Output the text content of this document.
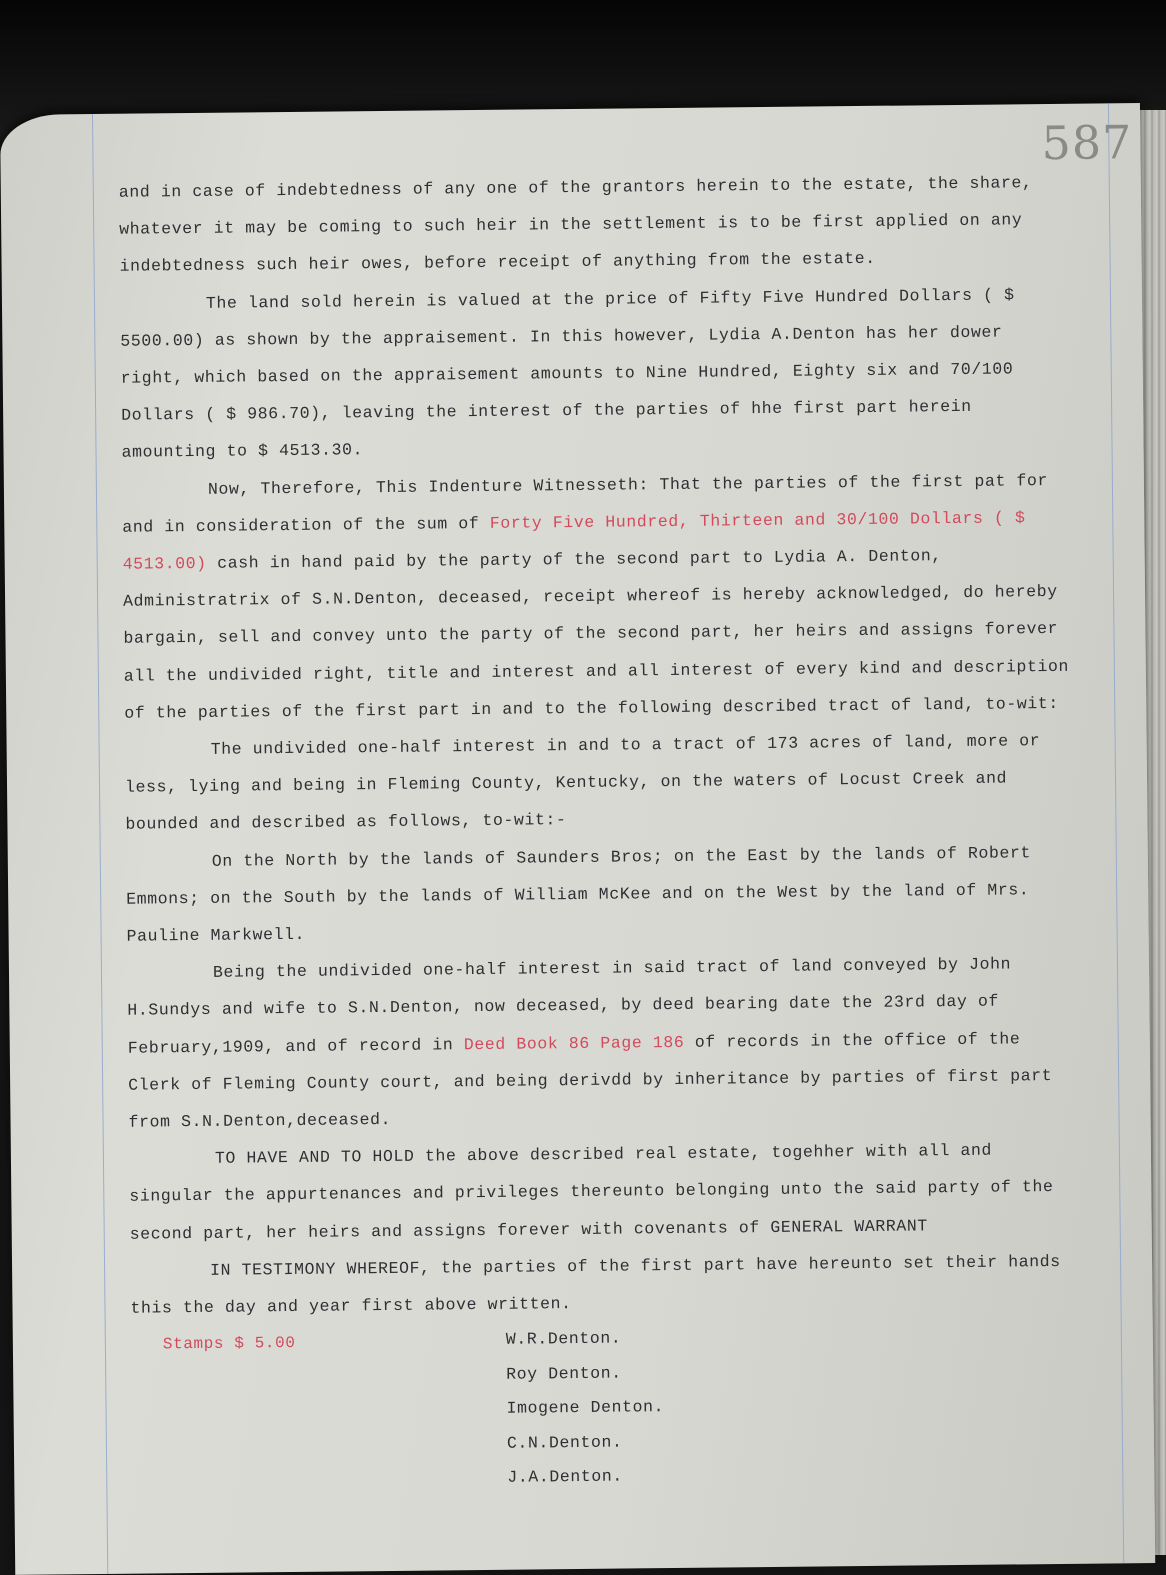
587

and in case of indebtedness of any one of the grantors herein to the estate, the share, whatever it may be coming to such heir in the settlement is to be first applied on any indebtedness such heir owes, before receipt of anything from the estate.

The land sold herein is valued at the price of Fifty Five Hundred Dollars ( $ 5500.00) as shown by the appraisement. In this however, Lydia A.Denton has her dower right, which based on the appraisement amounts to Nine Hundred, Eighty six and 70/100 Dollars ( $ 986.70), leaving the interest of the parties of hhe first part herein amounting to $ 4513.30.

Now, Therefore, This Indenture Witnesseth: That the parties of the first pat for and in consideration of the sum of Forty Five Hundred, Thirteen and 30/100 Dollars ( $ 4513.00) cash in hand paid by the party of the second part to Lydia A. Denton, Administratrix of S.N.Denton, deceased, receipt whereof is hereby acknowledged, do hereby bargain, sell and convey unto the party of the second part, her heirs and assigns forever all the undivided right, title and interest and all interest of every kind and description of the parties of the first part in and to the following described tract of land, to-wit:

The undivided one-half interest in and to a tract of 173 acres of land, more or less, lying and being in Fleming County, Kentucky, on the waters of Locust Creek and bounded and described as follows, to-wit:-

On the North by the lands of Saunders Bros; on the East by the lands of Robert Emmons; on the South by the lands of William McKee and on the West by the land of Mrs. Pauline Markwell.

Being the undivided one-half interest in said tract of land conveyed by John H.Sundys and wife to S.N.Denton, now deceased, by deed bearing date the 23rd day of February,1909, and of record in Deed Book 86 Page 186 of records in the office of the Clerk of Fleming County court, and being derivdd by inheritance by parties of first part from S.N.Denton,deceased.

TO HAVE AND TO HOLD the above described real estate, togehher with all and singular the appurtenances and privileges thereunto belonging unto the said party of the second part, her heirs and assigns forever with covenants of GENERAL WARRANT

IN TESTIMONY WHEREOF, the parties of the first part have hereunto set their hands this the day and year first above written.

Stamps $ 5.00	W.R.Denton.
Roy Denton.
Imogene Denton.
C.N.Denton.
J.A.Denton.
